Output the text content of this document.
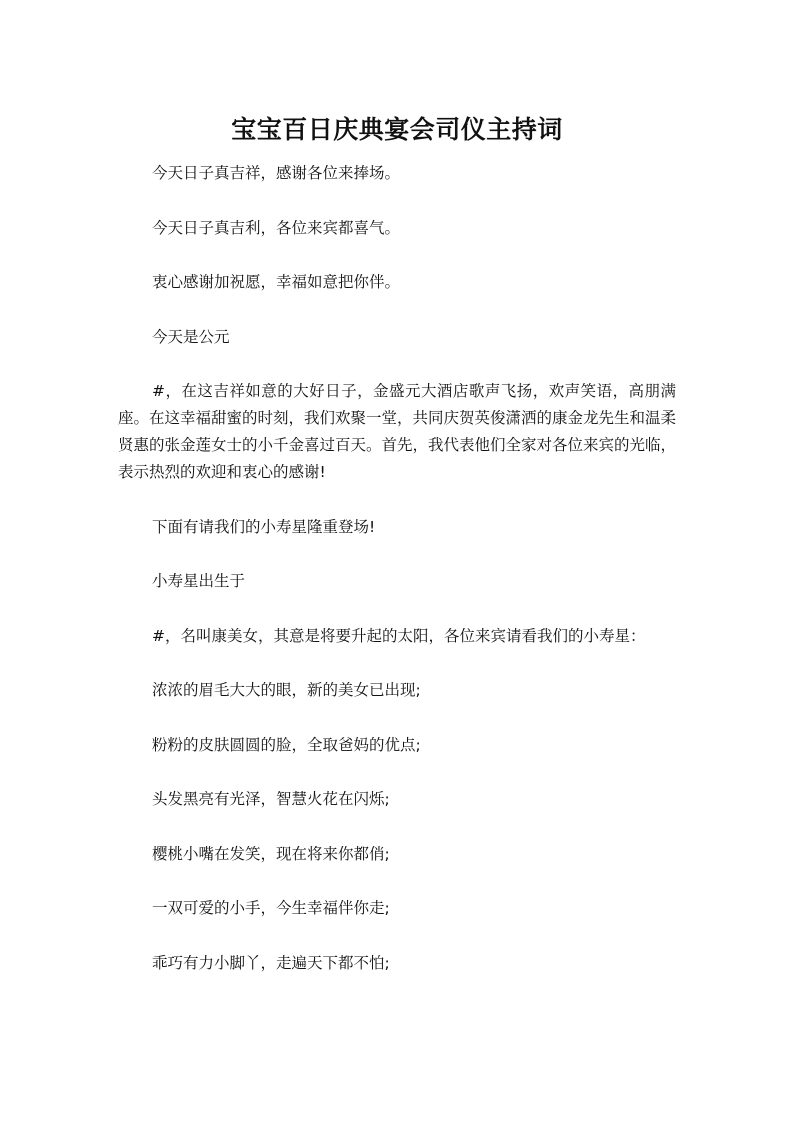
宝宝百日庆典宴会司仪主持词

今天日子真吉祥，感谢各位来捧场。

今天日子真吉利，各位来宾都喜气。

衷心感谢加祝愿，幸福如意把你伴。

今天是公元

#，在这吉祥如意的大好日子，金盛元大酒店歌声飞扬，欢声笑语，高朋满座。在这幸福甜蜜的时刻，我们欢聚一堂，共同庆贺英俊潇洒的康金龙先生和温柔贤惠的张金莲女士的小千金喜过百天。首先，我代表他们全家对各位来宾的光临，表示热烈的欢迎和衷心的感谢!

下面有请我们的小寿星隆重登场!

小寿星出生于

#，名叫康美女，其意是将要升起的太阳，各位来宾请看我们的小寿星：

浓浓的眉毛大大的眼，新的美女已出现;

粉粉的皮肤圆圆的脸，全取爸妈的优点;

头发黑亮有光泽，智慧火花在闪烁;

樱桃小嘴在发笑，现在将来你都俏;

一双可爱的小手，今生幸福伴你走;

乖巧有力小脚丫，走遍天下都不怕;
